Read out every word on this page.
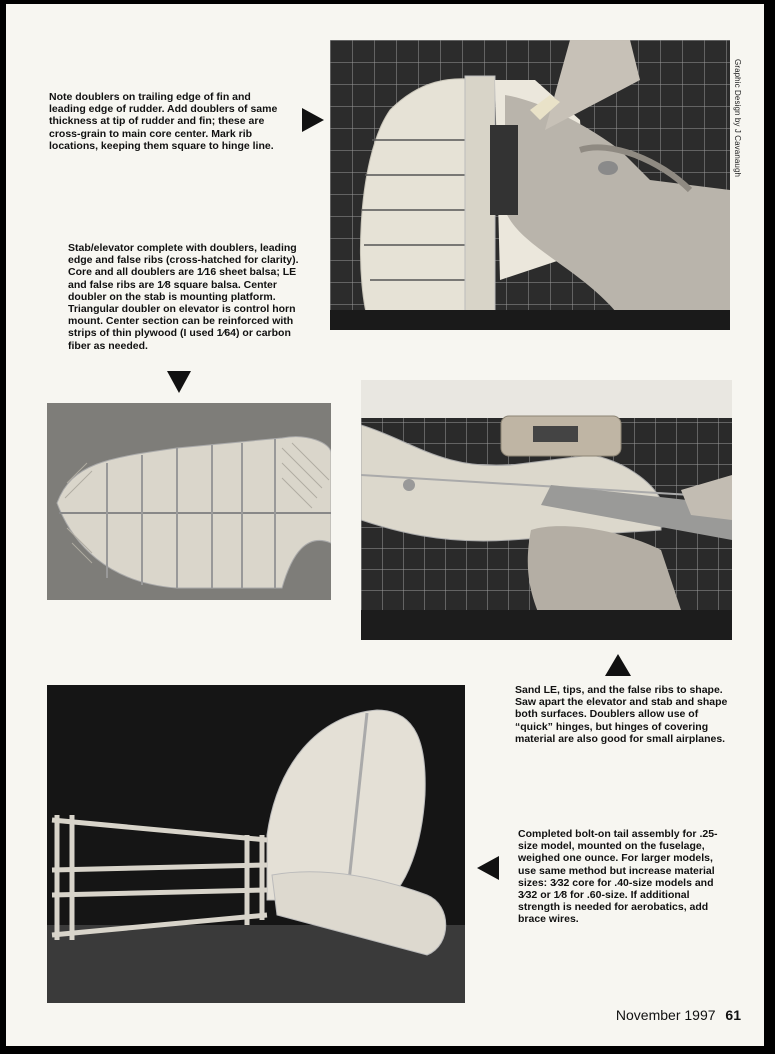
Graphic Design by J Cavanaugh

Note doublers on trailing edge of fin and leading edge of rudder. Add doublers of same thickness at tip of rudder and fin; these are cross-grain to main core center. Mark rib locations, keeping them square to hinge line.

Stab/elevator complete with doublers, leading edge and false ribs (cross-hatched for clarity). Core and all doublers are 1⁄16 sheet balsa; LE and false ribs are 1⁄8 square balsa. Center doubler on the stab is mounting platform. Triangular doubler on elevator is control horn mount. Center section can be reinforced with strips of thin plywood (I used 1⁄64) or carbon fiber as needed.

Sand LE, tips, and the false ribs to shape. Saw apart the elevator and stab and shape both surfaces. Doublers allow use of “quick” hinges, but hinges of covering material are also good for small airplanes.

Completed bolt-on tail assembly for .25-size model, mounted on the fuselage, weighed one ounce. For larger models, use same method but increase material sizes: 3⁄32 core for .40-size models and 3⁄32 or 1⁄8 for .60-size. If additional strength is needed for aerobatics, add brace wires.

November 1997 61
